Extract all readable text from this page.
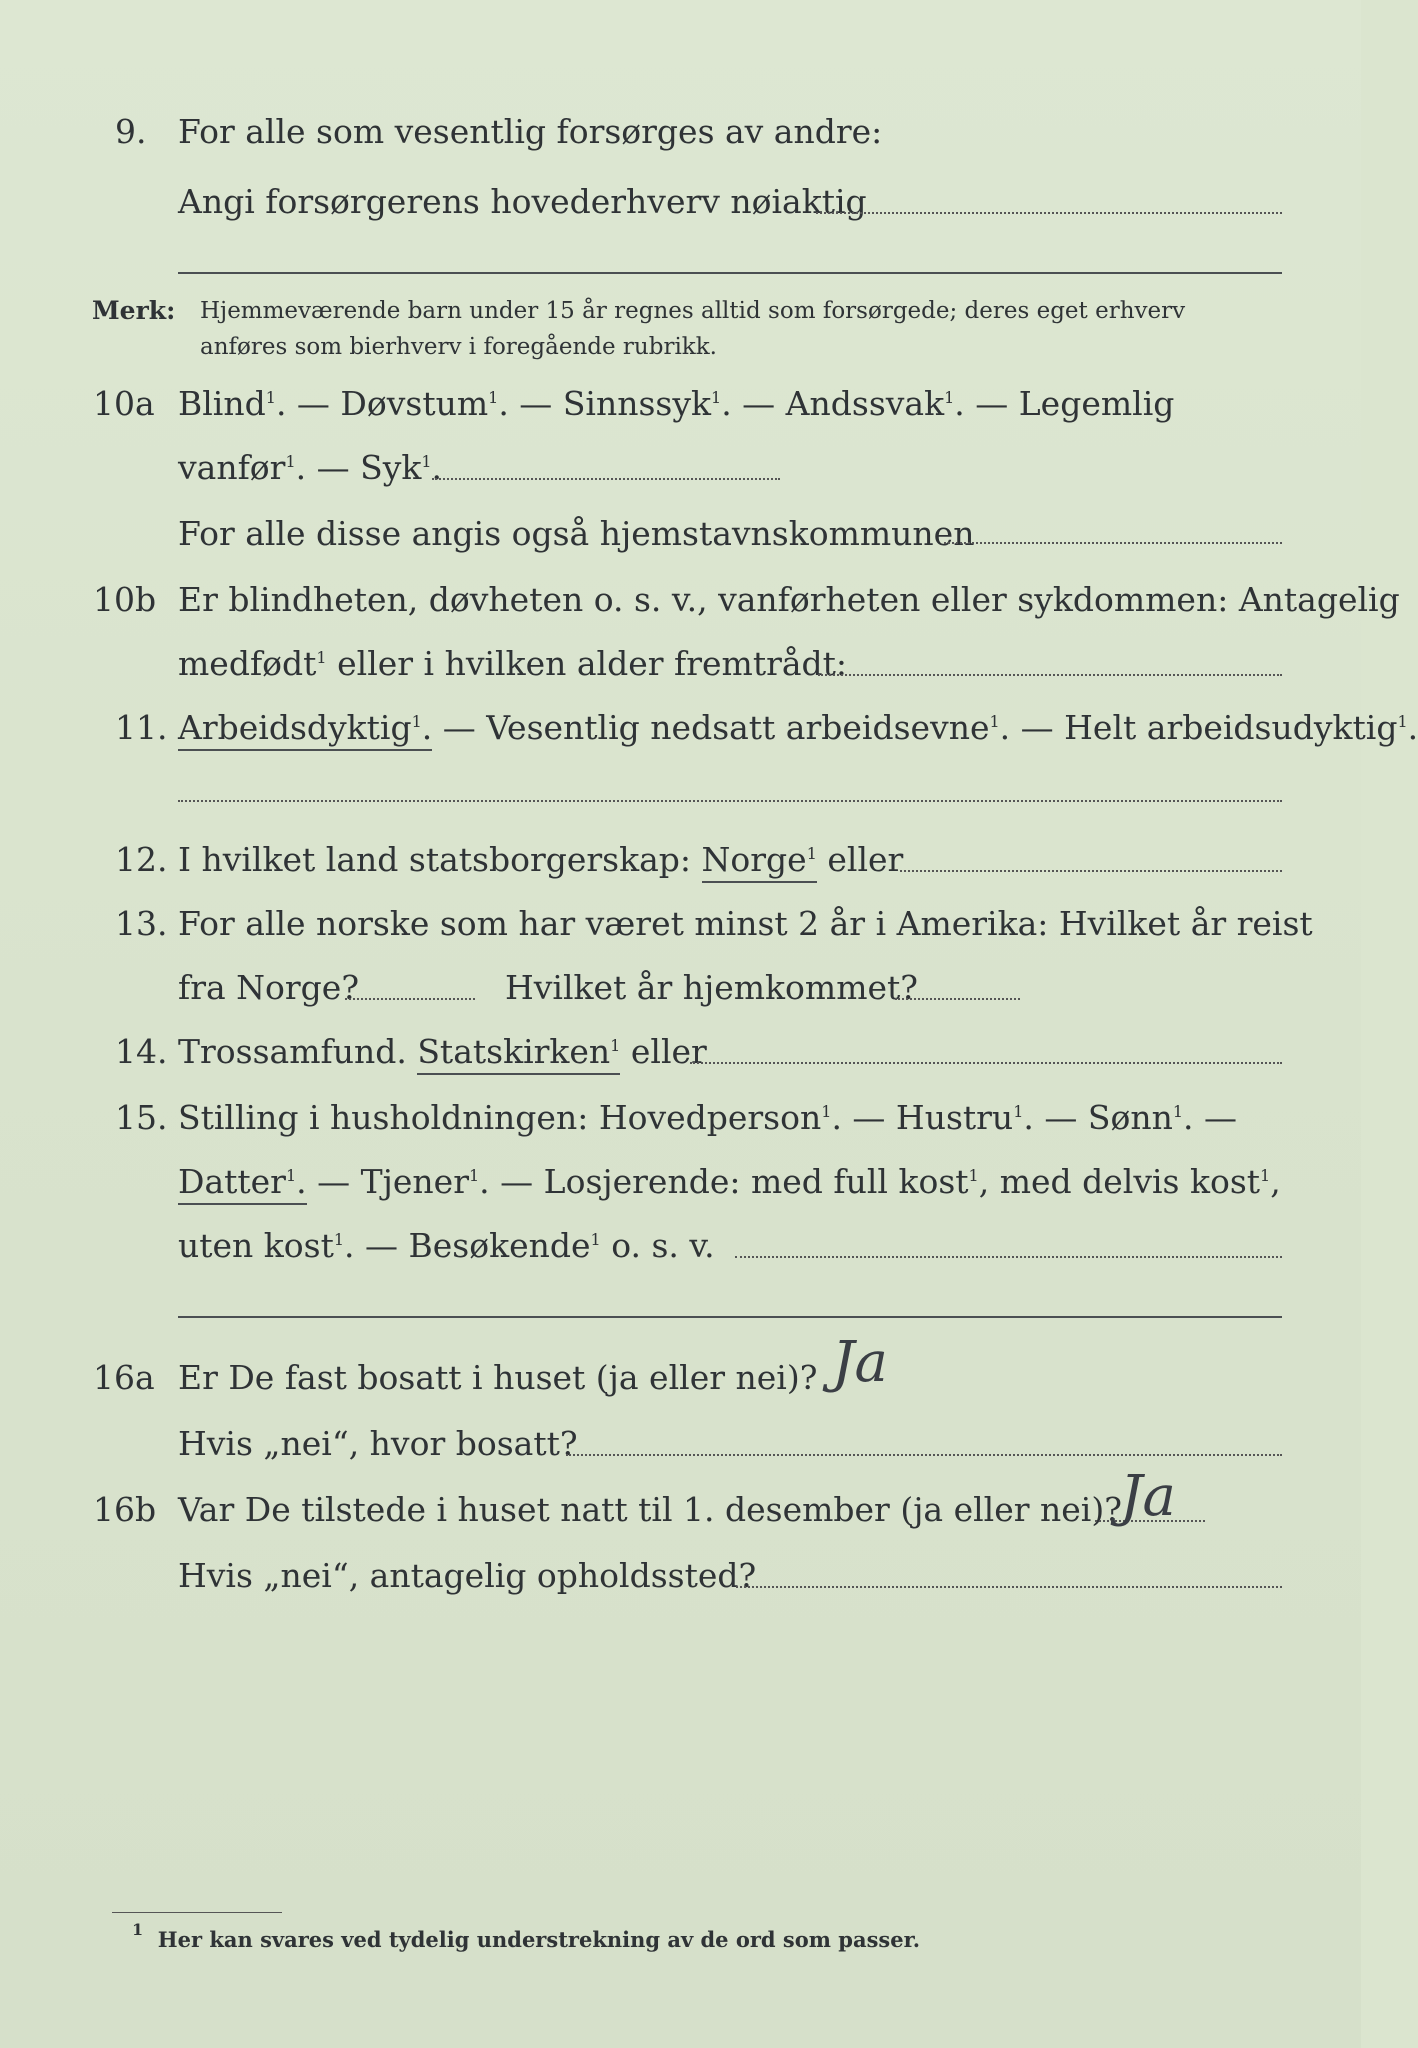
9. For alle som vesentlig forsørges av andre:
Angi forsørgerens hovederhverv nøiaktig
Merk: Hjemmeværende barn under 15 år regnes alltid som forsørgede; deres eget erhverv
anføres som bierhverv i foregående rubrikk.
10a Blind$^1$. — Døvstum$^1$. — Sinnssyk$^1$. — Andssvak$^1$. — Legemlig
vanfør$^1$. — Syk$^1$.
For alle disse angis også hjemstavnskommunen
10b Er blindheten, døvheten o. s. v., vanførheten eller sykdommen: Antagelig
medfødt$^1$ eller i hvilken alder fremtrådt:
11. Arbeidsdyktig$^1$. — Vesentlig nedsatt arbeidsevne$^1$. — Helt arbeidsudyktig$^1$.
12. I hvilket land statsborgerskap: Norge$^1$ eller
13. For alle norske som har været minst 2 år i Amerika: Hvilket år reist
fra Norge?	Hvilket år hjemkommet?
14. Trossamfund. Statskirken$^1$ eller
15. Stilling i husholdningen: Hovedperson$^1$. — Hustru$^1$. — Sønn$^1$. —
Datter$^1$. — Tjener$^1$. — Losjerende: med full kost$^1$, med delvis kost$^1$,
uten kost$^1$. — Besøkende$^1$ o. s. v.
16a Er De fast bosatt i huset (ja eller nei)? Ja
Hvis „nei“, hvor bosatt?
16b Var De tilstede i huset natt til 1. desember (ja eller nei)?
Ja
Hvis „nei“, antagelig opholdssted?
$^1$ Her kan svares ved tydelig understrekning av de ord som passer.
